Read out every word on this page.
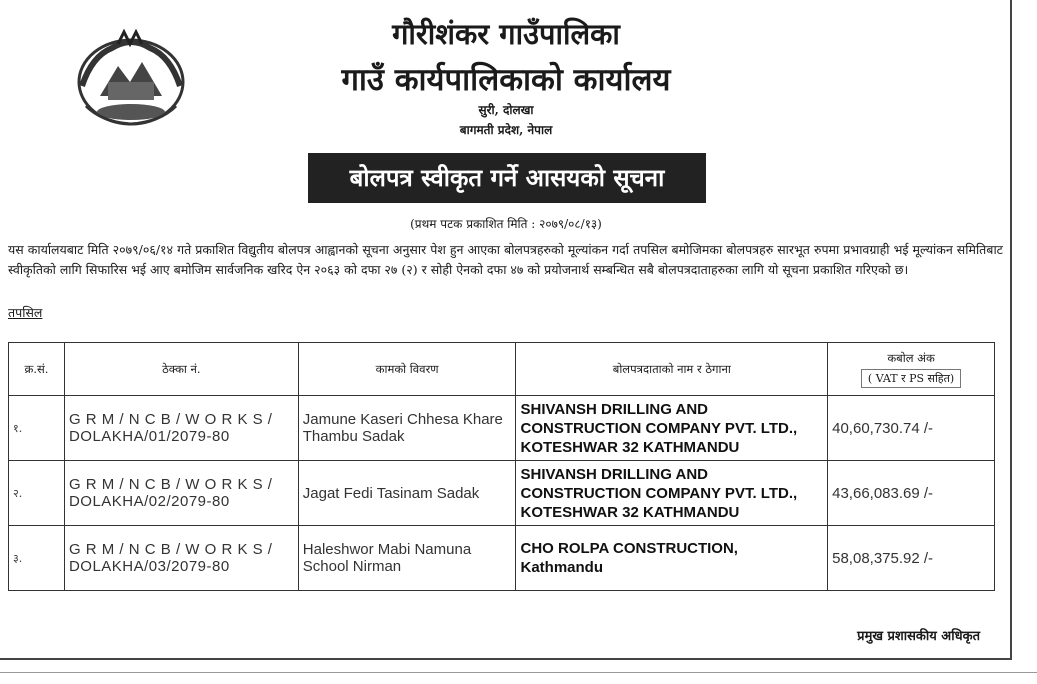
गौरीशंकर गाउँपालिका
गाउँ कार्यपालिकाको कार्यालय
सुरी, दोलखा
बागमती प्रदेश, नेपाल
बोलपत्र स्वीकृत गर्ने आसयको सूचना
(प्रथम पटक प्रकाशित मिति : २०७९/०८/१३)
यस कार्यालयबाट मिति २०७९/०६/१४ गते प्रकाशित विद्युतीय बोलपत्र आह्वानको सूचना अनुसार पेश हुन आएका बोलपत्रहरुको मूल्यांकन गर्दा तपसिल बमोजिमका बोलपत्रहरु सारभूत रुपमा प्रभावग्राही भई मूल्यांकन समितिबाट स्वीकृतिको लागि सिफारिस भई आए बमोजिम सार्वजनिक खरिद ऐन २०६३ को दफा २७ (२) र सोही ऐनको दफा ४७ को प्रयोजनार्थ सम्बन्धित सबै बोलपत्रदाताहरुका लागि यो सूचना प्रकाशित गरिएको छ।
तपसिल
क्र.सं.	ठेक्का नं.	कामको विवरण	बोलपत्रदाताको नाम र ठेगाना	कबोल अंक
( VAT र PS सहित)
१.	G R M / N C B / W O R K S /
DOLAKHA/01/2079-80	Jamune Kaseri Chhesa Khare Thambu Sadak	SHIVANSH DRILLING AND CONSTRUCTION COMPANY PVT. LTD., KOTESHWAR 32 KATHMANDU	40,60,730.74 /-
२.	G R M / N C B / W O R K S /
DOLAKHA/02/2079-80	Jagat Fedi Tasinam Sadak	SHIVANSH DRILLING AND CONSTRUCTION COMPANY PVT. LTD., KOTESHWAR 32 KATHMANDU	43,66,083.69 /-
३.	G R M / N C B / W O R K S /
DOLAKHA/03/2079-80	Haleshwor Mabi Namuna School Nirman	CHO ROLPA CONSTRUCTION, Kathmandu	58,08,375.92 /-
प्रमुख प्रशासकीय अधिकृत
